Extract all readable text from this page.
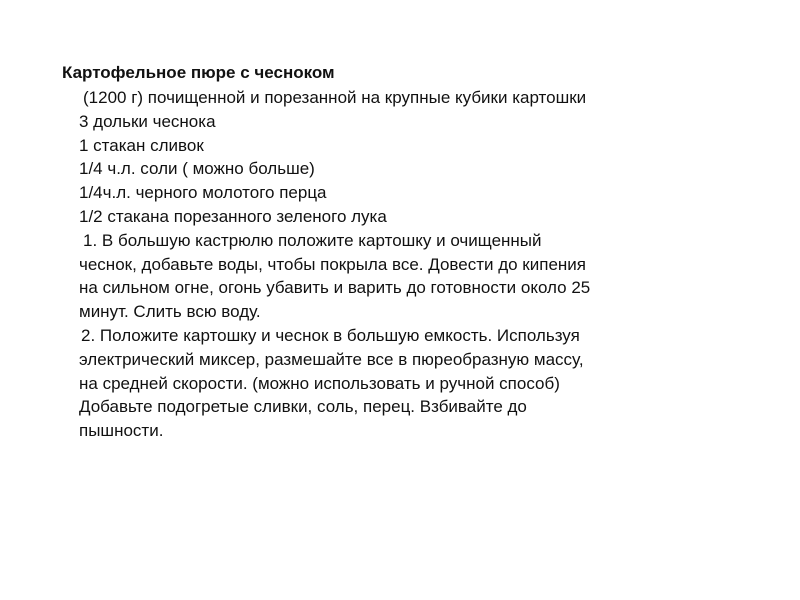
Картофельное пюре с чесноком
(1200 г) почищенной и порезанной на крупные кубики картошки
3 дольки чеснока
1 стакан сливок
1/4 ч.л. соли ( можно больше)
1/4ч.л. черного молотого перца
1/2 стакана порезанного зеленого лука
1. В большую кастрюлю положите картошку и очищенный
чеснок, добавьте воды, чтобы покрыла все. Довести до кипения
на сильном огне, огонь убавить и варить до готовности около 25
минут. Слить всю воду.
2. Положите картошку и чеснок в большую емкость. Используя
электрический миксер, размешайте все в пюреобразную массу,
на средней скорости. (можно использовать и ручной способ)
Добавьте подогретые сливки, соль, перец. Взбивайте до
пышности.
